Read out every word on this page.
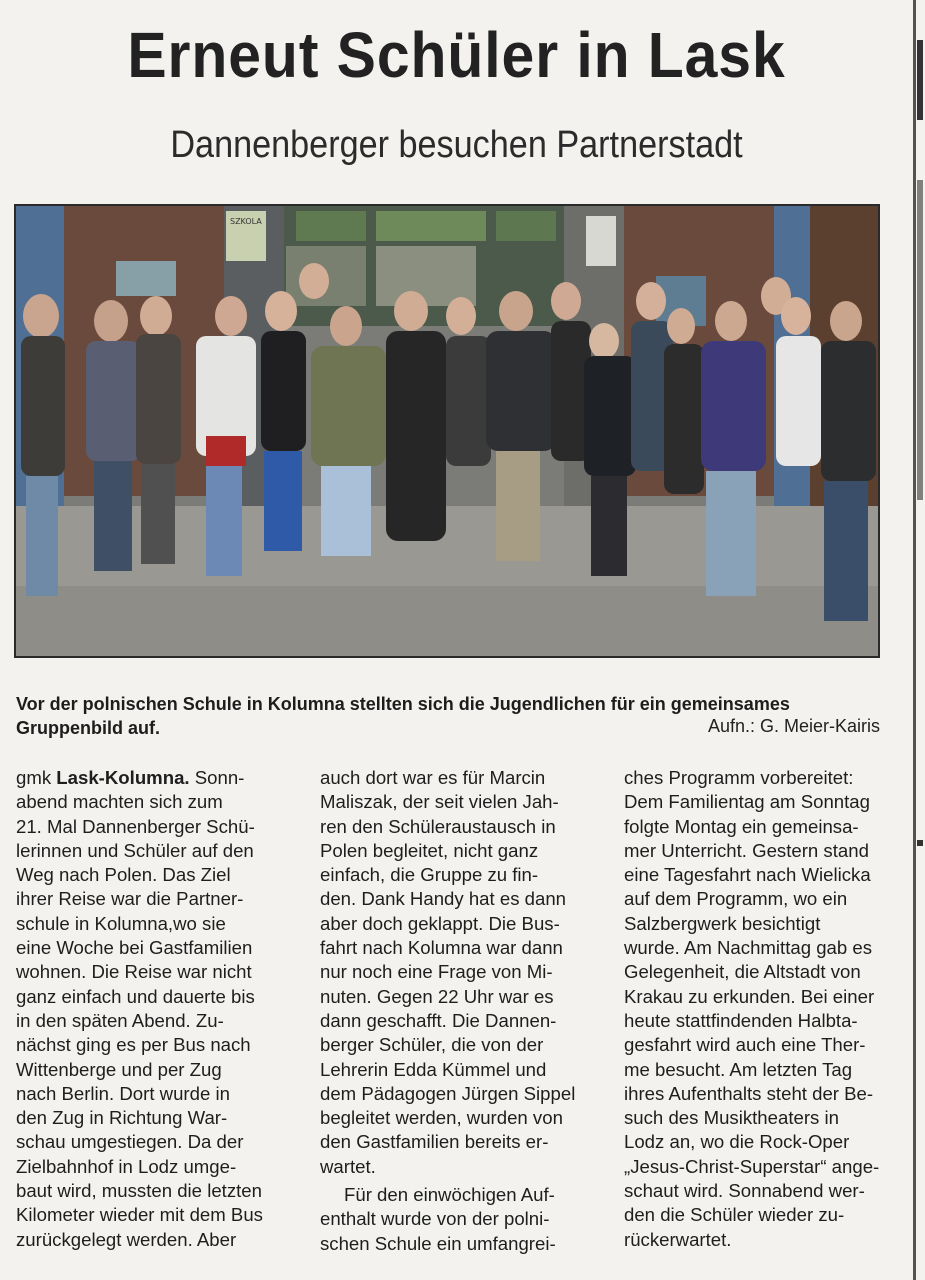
Erneut Schüler in Lask
Dannenberger besuchen Partnerstadt
SZKOLA
Vor der polnischen Schule in Kolumna stellten sich die Jugendlichen für ein gemeinsames Gruppenbild auf.	Aufn.: G. Meier-Kairis

gmk Lask-Kolumna. Sonn-
abend machten sich zum
21. Mal Dannenberger Schü-
lerinnen und Schüler auf den
Weg nach Polen. Das Ziel
ihrer Reise war die Partner-
schule in Kolumna,wo sie
eine Woche bei Gastfamilien
wohnen. Die Reise war nicht
ganz einfach und dauerte bis
in den späten Abend. Zu-
nächst ging es per Bus nach
Wittenberge und per Zug
nach Berlin. Dort wurde in
den Zug in Richtung War-
schau umgestiegen. Da der
Zielbahnhof in Lodz umge-
baut wird, mussten die letzten
Kilometer wieder mit dem Bus
zurückgelegt werden. Aber

auch dort war es für Marcin
Maliszak, der seit vielen Jah-
ren den Schüleraustausch in
Polen begleitet, nicht ganz
einfach, die Gruppe zu fin-
den. Dank Handy hat es dann
aber doch geklappt. Die Bus-
fahrt nach Kolumna war dann
nur noch eine Frage von Mi-
nuten. Gegen 22 Uhr war es
dann geschafft. Die Dannen-
berger Schüler, die von der
Lehrerin Edda Kümmel und
dem Pädagogen Jürgen Sippel
begleitet werden, wurden von
den Gastfamilien bereits er-
wartet.

Für den einwöchigen Auf-
enthalt wurde von der polni-
schen Schule ein umfangrei-

ches Programm vorbereitet:
Dem Familientag am Sonntag
folgte Montag ein gemeinsa-
mer Unterricht. Gestern stand
eine Tagesfahrt nach Wielicka
auf dem Programm, wo ein
Salzbergwerk besichtigt
wurde. Am Nachmittag gab es
Gelegenheit, die Altstadt von
Krakau zu erkunden. Bei einer
heute stattfindenden Halbta-
gesfahrt wird auch eine Ther-
me besucht. Am letzten Tag
ihres Aufenthalts steht der Be-
such des Musiktheaters in
Lodz an, wo die Rock-Oper
„Jesus-Christ-Superstar“ ange-
schaut wird. Sonnabend wer-
den die Schüler wieder zu-
rückerwartet.
